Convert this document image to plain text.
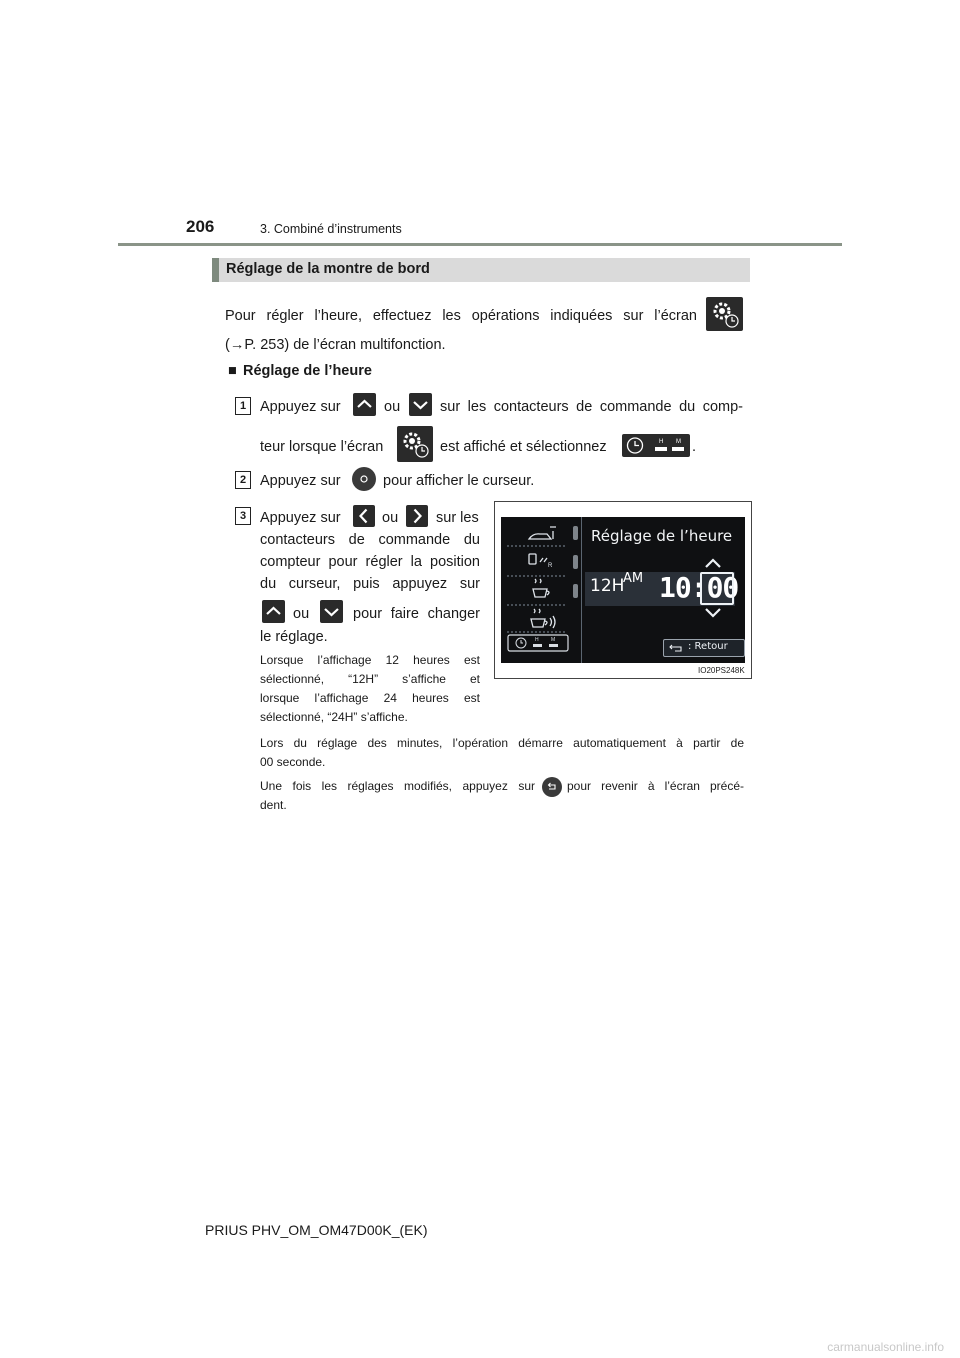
206	3. Combiné d’instruments
Réglage de la montre de bord
Pour régler l’heure, effectuez les opérations indiquées sur l’écran
(→P. 253) de l’écran multifonction.
■ Réglage de l’heure
1 Appuyez sur	ou	sur les contacteurs de commande du comp-
teur lorsque l’écran	est affiché et sélectionnez	H M .
2 Appuyez sur	pour afficher le curseur.
3 Appuyez sur	ou	sur les
contacteurs de commande du
compteur pour régler la position
du curseur, puis appuyez sur
ou	pour faire changer
le réglage.
Lorsque l’affichage 12 heures est
sélectionné, “12H” s’affiche et
lorsque l’affichage 24 heures est
sélectionné, “24H” s’affiche.
Lors du réglage des minutes, l’opération démarre automatiquement à partir de
00 seconde.
Une fois les réglages modifiés, appuyez sur	pour revenir à l’écran précé-
dent.
R
H M
Réglage de l’heure
12H
AM 10:00
: Retour
IO20PS248K
PRIUS PHV_OM_OM47D00K_(EK)
carmanualsonline.info
